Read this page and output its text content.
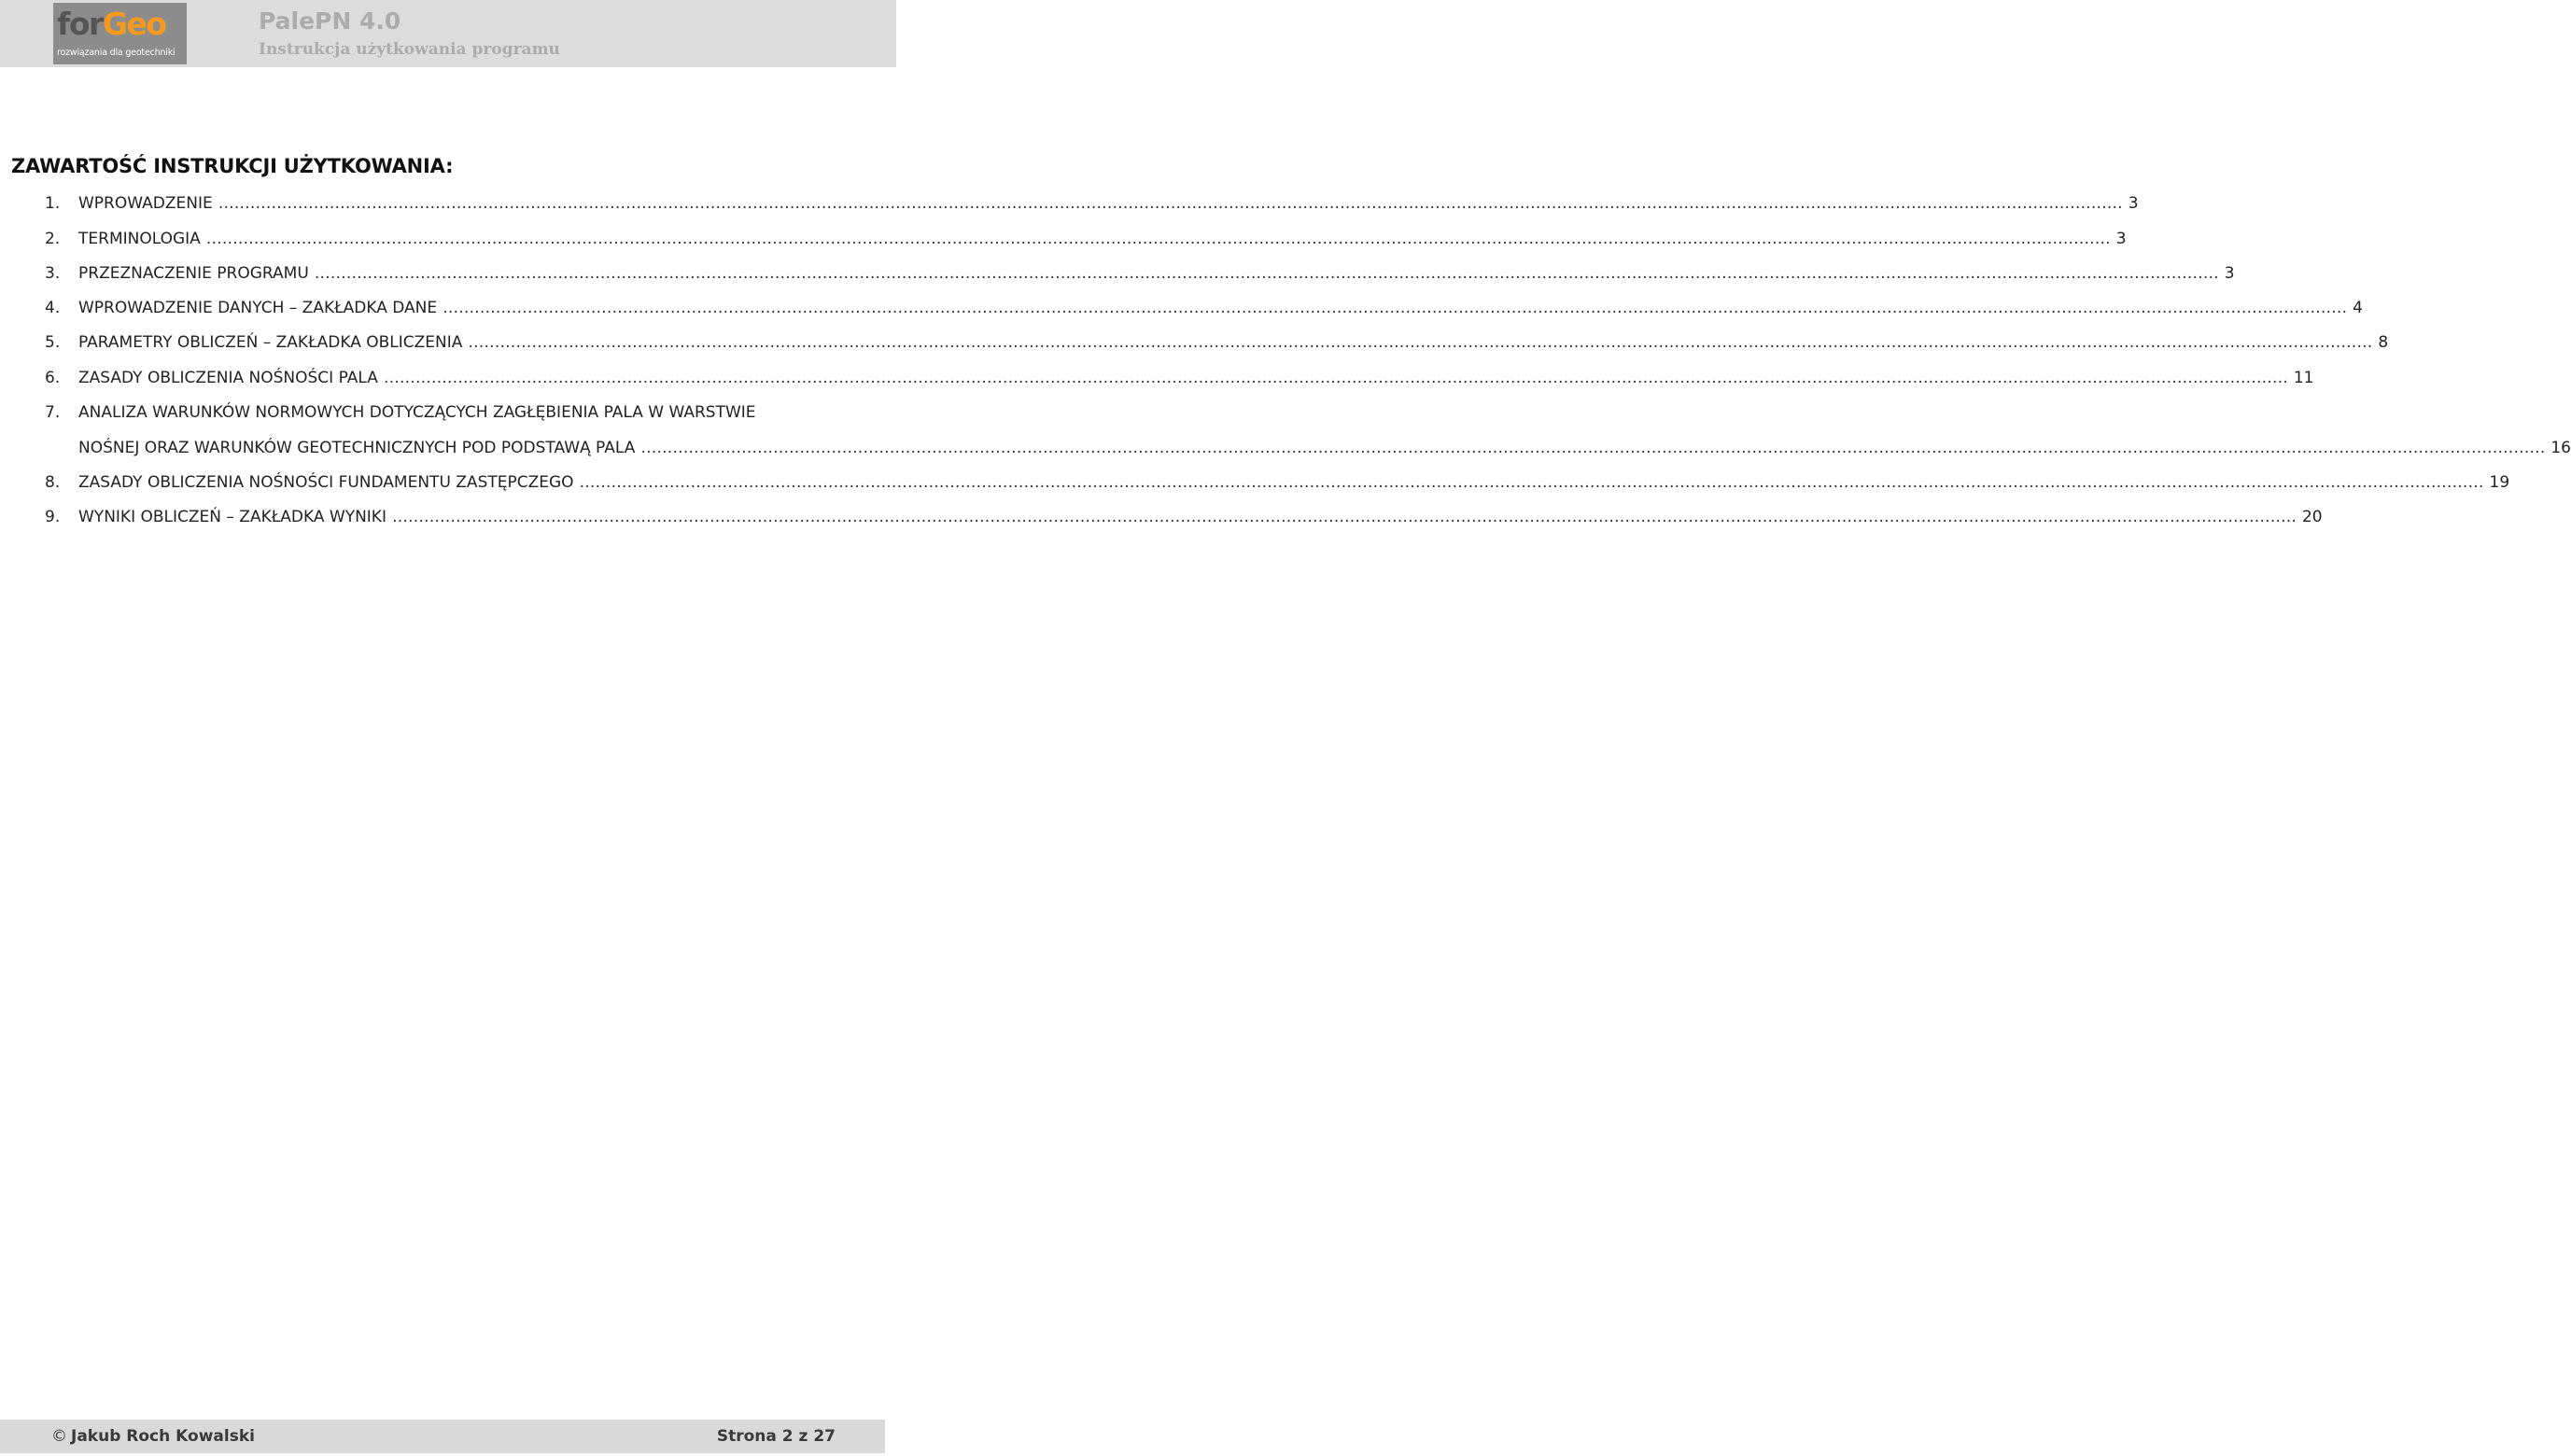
forGeo
rozwiązania dla geotechniki
PalePN 4.0
Instrukcja użytkowania programu
ZAWARTOŚĆ INSTRUKCJI UŻYTKOWANIA:
1. WPROWADZENIE ……………………………………………………………………………………………………………………………………………………………………………………………………………………………………………………………………………………………………………………………… 3
2. TERMINOLOGIA ……………………………………………………………………………………………………………………………………………………………………………………………………………………………………………………………………………………………………………………………… 3
3. PRZEZNACZENIE PROGRAMU ……………………………………………………………………………………………………………………………………………………………………………………………………………………………………………………………………………………………………………………………… 3
4. WPROWADZENIE DANYCH – ZAKŁADKA DANE ……………………………………………………………………………………………………………………………………………………………………………………………………………………………………………………………………………………………………………………………… 4
5. PARAMETRY OBLICZEŃ – ZAKŁADKA OBLICZENIA ……………………………………………………………………………………………………………………………………………………………………………………………………………………………………………………………………………………………………………………………… 8
6. ZASADY OBLICZENIA NOŚNOŚCI PALA ……………………………………………………………………………………………………………………………………………………………………………………………………………………………………………………………………………………………………………………………… 11
7. ANALIZA WARUNKÓW NORMOWYCH DOTYCZĄCYCH ZAGŁĘBIENIA PALA W WARSTWIE
NOŚNEJ ORAZ WARUNKÓW GEOTECHNICZNYCH POD PODSTAWĄ PALA ……………………………………………………………………………………………………………………………………………………………………………………………………………………………………………………………………………………………………………………………… 16
8. ZASADY OBLICZENIA NOŚNOŚCI FUNDAMENTU ZASTĘPCZEGO ……………………………………………………………………………………………………………………………………………………………………………………………………………………………………………………………………………………………………………………………… 19
9. WYNIKI OBLICZEŃ – ZAKŁADKA WYNIKI ……………………………………………………………………………………………………………………………………………………………………………………………………………………………………………………………………………………………………………………………… 20
© Jakub Roch Kowalski	Strona 2 z 27
